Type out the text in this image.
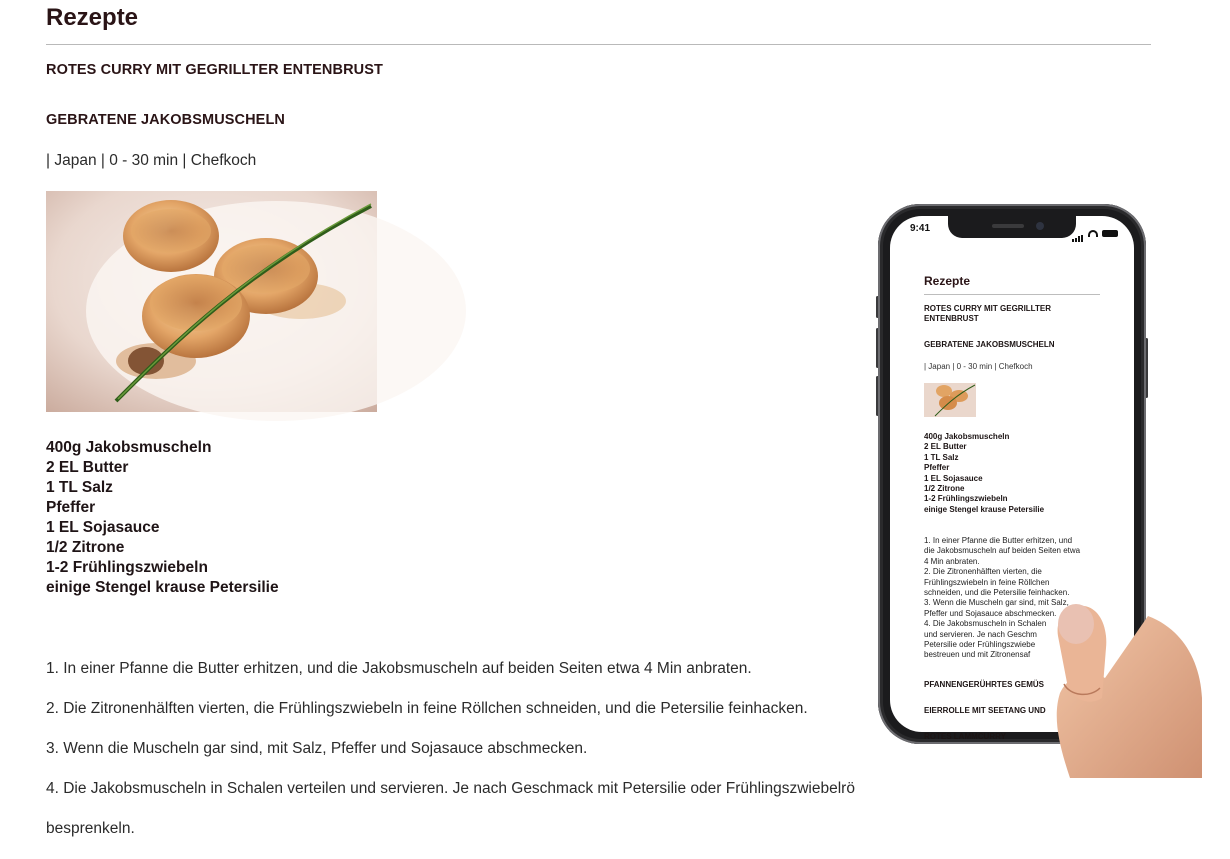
Rezepte
ROTES CURRY MIT GEGRILLTER ENTENBRUST
GEBRATENE JAKOBSMUSCHELN
| Japan | 0 - 30 min | Chefkoch
400g Jakobsmuscheln
2 EL Butter
1 TL Salz
Pfeffer
1 EL Sojasauce
1/2 Zitrone
1-2 Frühlingszwiebeln
einige Stengel krause Petersilie

1. In einer Pfanne die Butter erhitzen, und die Jakobsmuscheln auf beiden Seiten etwa 4 Min anbraten.

2. Die Zitronenhälften vierten, die Frühlingszwiebeln in feine Röllchen schneiden, und die Petersilie feinhacken.

3. Wenn die Muscheln gar sind, mit Salz, Pfeffer und Sojasauce abschmecken.

4. Die Jakobsmuscheln in Schalen verteilen und servieren. Je nach Geschmack mit Petersilie oder Frühlingszwiebelrö

besprenkeln.

9:41
Rezepte
ROTES CURRY MIT GEGRILLTER ENTENBRUST
GEBRATENE JAKOBSMUSCHELN
| Japan | 0 - 30 min | Chefkoch
400g Jakobsmuscheln
2 EL Butter
1 TL Salz
Pfeffer
1 EL Sojasauce
1/2 Zitrone
1-2 Frühlingszwiebeln
einige Stengel krause Petersilie
1. In einer Pfanne die Butter erhitzen, und
die Jakobsmuscheln auf beiden Seiten etwa
4 Min anbraten.
2. Die Zitronenhälften vierten, die
Frühlingszwiebeln in feine Röllchen
schneiden, und die Petersilie feinhacken.
3. Wenn die Muscheln gar sind, mit Salz,
Pfeffer und Sojasauce abschmecken.
4. Die Jakobsmuscheln in Schalen
und servieren. Je nach Geschm
Petersilie oder Frühlingszwiebe
bestreuen und mit Zitronensaf
PFANNENGERÜHRTES GEMÜS
EIERROLLE MIT SEETANG UND
ROTES LAMMCURRY
